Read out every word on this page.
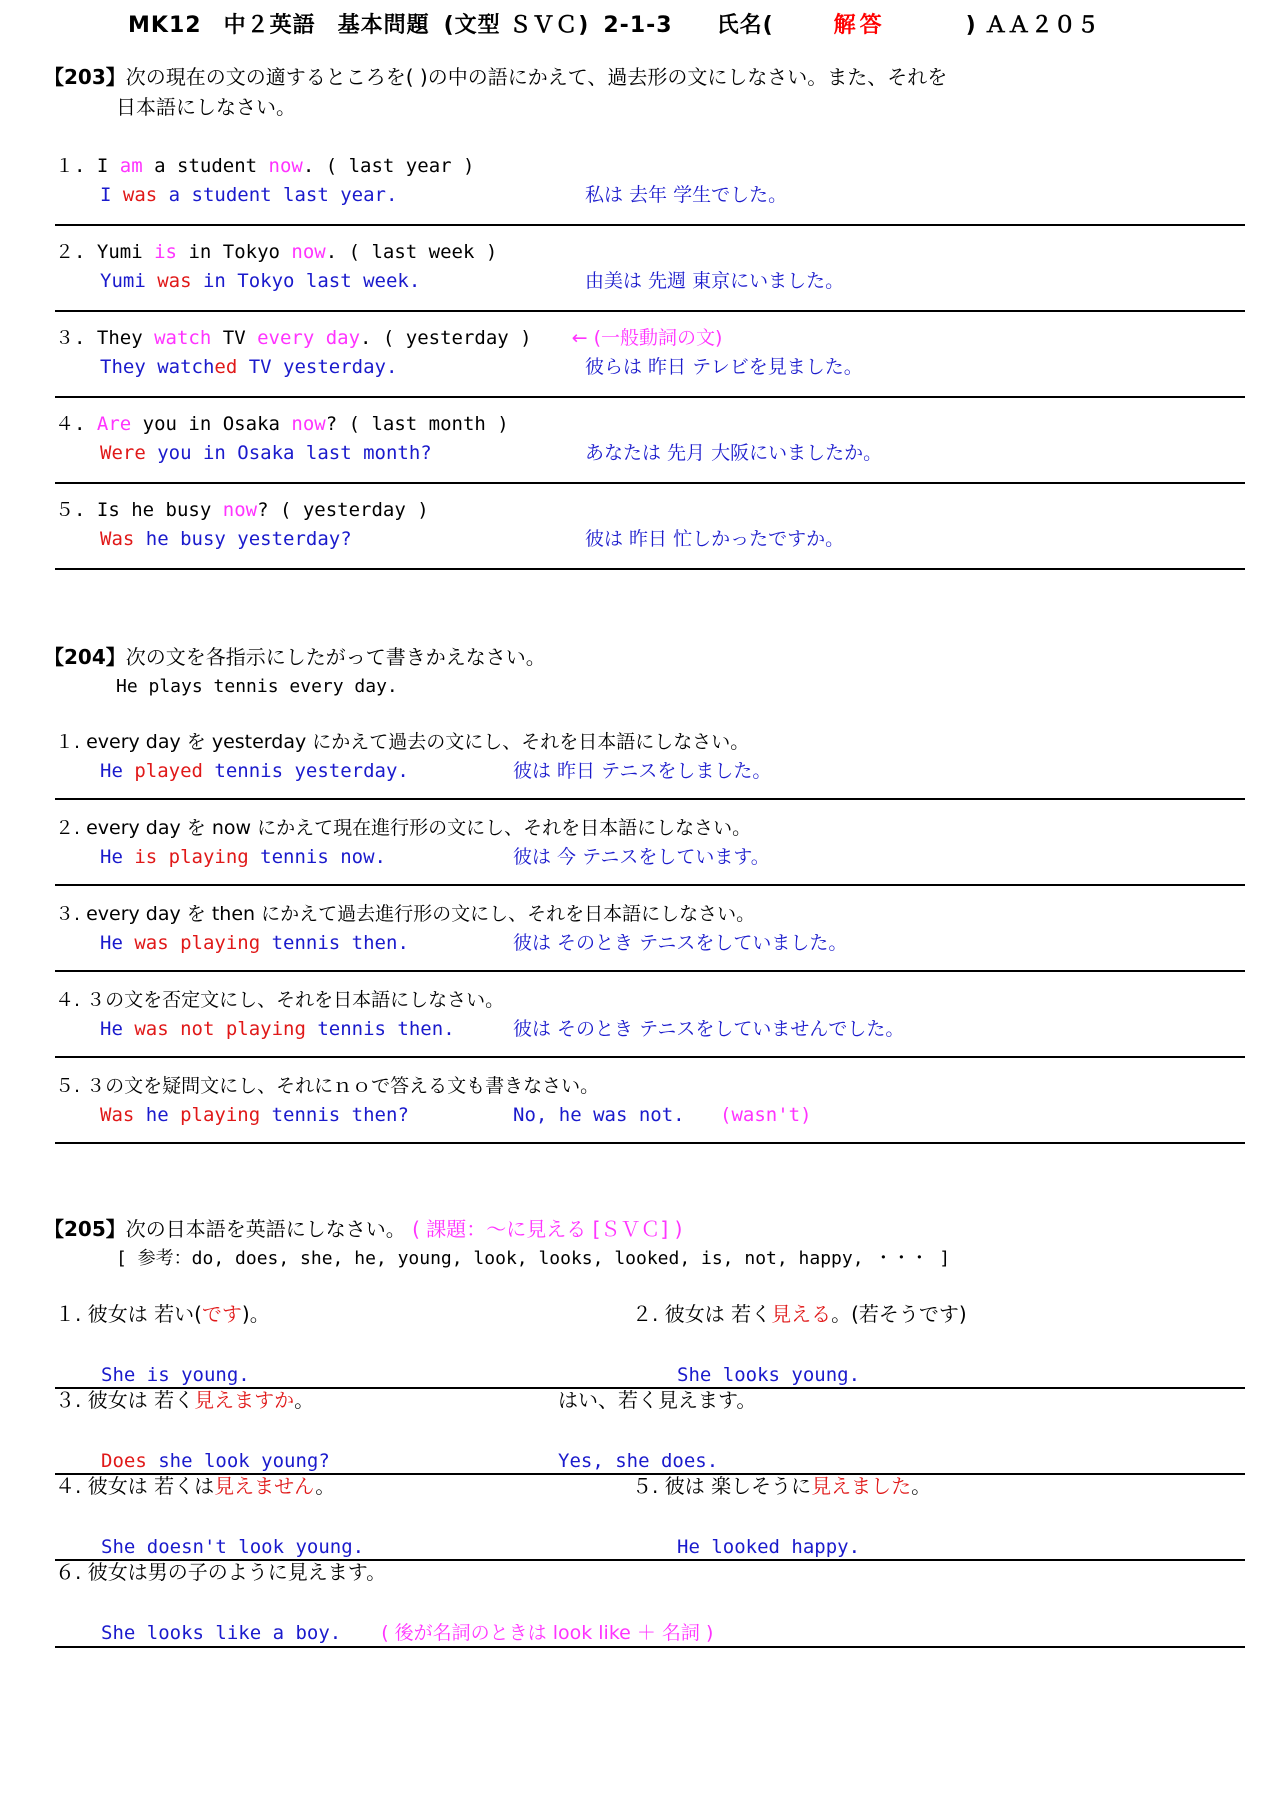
MK12 中２英語 基本問題 (文型 ＳＶＣ) 2-1-3 氏名(	解答	) ＡＡ２０５
【203】次の現在の文の適するところを( )の中の語にかえて、過去形の文にしなさい。また、それを
日本語にしなさい。
１. I am a student now. ( last year )
I was a student last year.	私は 去年 学生でした。
２. Yumi is in Tokyo now. ( last week )
Yumi was in Tokyo last week.	由美は 先週 東京にいました。
３. They watch TV every day. ( yesterday ) ← (一般動詞の文)
They watched TV yesterday.	彼らは 昨日 テレビを見ました。
４. Are you in Osaka now? ( last month )
Were you in Osaka last month?	あなたは 先月 大阪にいましたか。
５. Is he busy now? ( yesterday )
Was he busy yesterday?	彼は 昨日 忙しかったですか。
【204】次の文を各指示にしたがって書きかえなさい。
He plays tennis every day.
１. every day を yesterday にかえて過去の文にし、それを日本語にしなさい。
He played tennis yesterday.	彼は 昨日 テニスをしました。
２. every day を now にかえて現在進行形の文にし、それを日本語にしなさい。
He is playing tennis now.	彼は 今 テニスをしています。
３. every day を then にかえて過去進行形の文にし、それを日本語にしなさい。
He was playing tennis then.	彼は そのとき テニスをしていました。
４. ３の文を否定文にし、それを日本語にしなさい。
He was not playing tennis then.	彼は そのとき テニスをしていませんでした。
５. ３の文を疑問文にし、それにｎｏで答える文も書きなさい。
Was he playing tennis then?	No, he was not. (wasn't)
【205】次の日本語を英語にしなさい。 ( 課題：～に見える [ＳＶＣ] )
[ 参考：do, does, she, he, young, look, looks, looked, is, not, happy, ・・・ ]
１. 彼女は 若い(です)。	２. 彼女は 若く見える。(若そうです)
She is young.	She looks young.
３. 彼女は 若く見えますか。	はい、若く見えます。
Does she look young?	Yes, she does.
４. 彼女は 若くは見えません。	５. 彼は 楽しそうに見えました。
She doesn't look young.	He looked happy.
６. 彼女は男の子のように見えます。
She looks like a boy. ( 後が名詞のときは look like ＋ 名詞 )
